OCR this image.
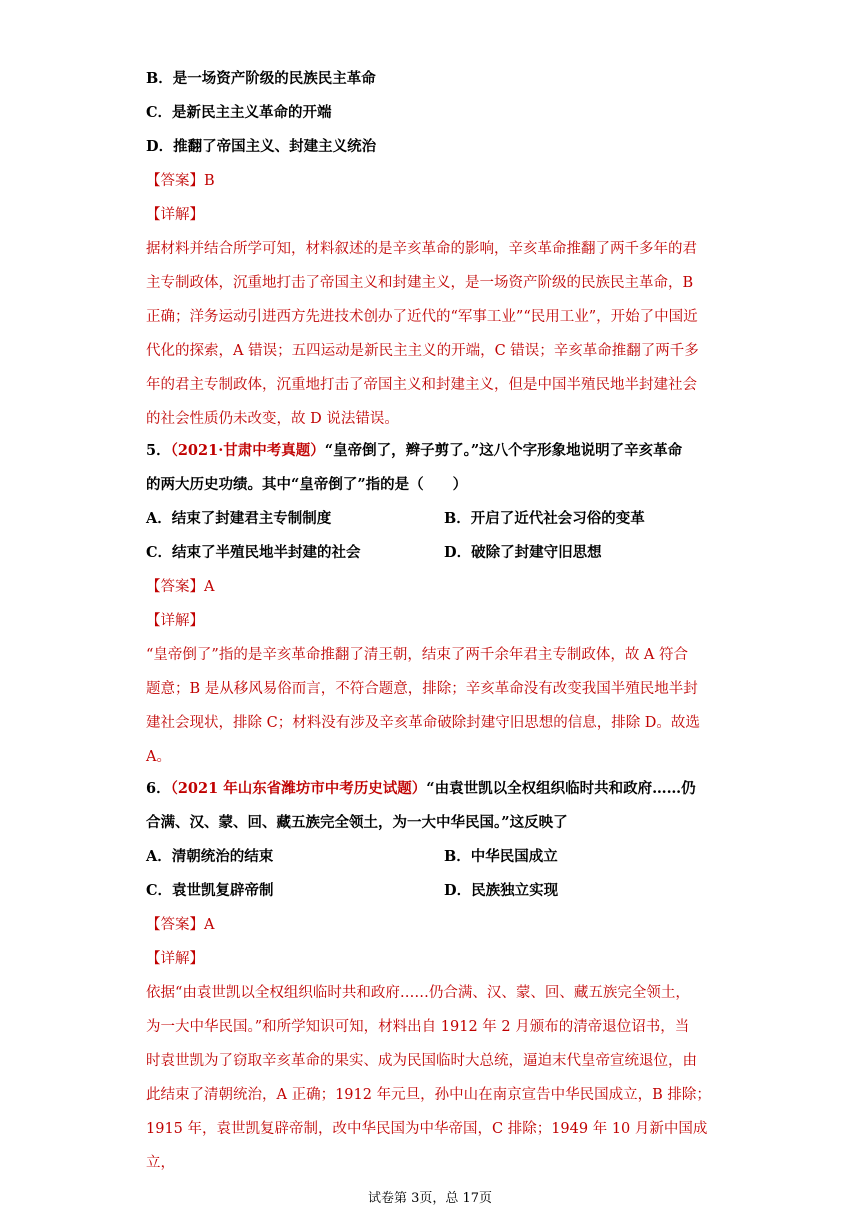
B．是一场资产阶级的民族民主革命
C．是新民主主义革命的开端
D．推翻了帝国主义、封建主义统治
【答案】B
【详解】
据材料并结合所学可知，材料叙述的是辛亥革命的影响，辛亥革命推翻了两千多年的君
主专制政体，沉重地打击了帝国主义和封建主义，是一场资产阶级的民族民主革命，B
正确；洋务运动引进西方先进技术创办了近代的“军事工业”“民用工业”，开始了中国近
代化的探索，A 错误；五四运动是新民主主义的开端，C 错误；辛亥革命推翻了两千多
年的君主专制政体，沉重地打击了帝国主义和封建主义，但是中国半殖民地半封建社会
的社会性质仍未改变，故 D 说法错误。
5．（2021·甘肃中考真题）“皇帝倒了，辫子剪了。”这八个字形象地说明了辛亥革命
的两大历史功绩。其中“皇帝倒了”指的是（　　）
A．结束了封建君主专制制度	B．开启了近代社会习俗的变革
C．结束了半殖民地半封建的社会	D．破除了封建守旧思想
【答案】A
【详解】
“皇帝倒了”指的是辛亥革命推翻了清王朝，结束了两千余年君主专制政体，故 A 符合
题意；B 是从移风易俗而言，不符合题意，排除；辛亥革命没有改变我国半殖民地半封
建社会现状，排除 C；材料没有涉及辛亥革命破除封建守旧思想的信息，排除 D。故选
A。
6．（2021 年山东省潍坊市中考历史试题）“由袁世凯以全权组织临时共和政府……仍
合满、汉、蒙、回、藏五族完全领土，为一大中华民国。”这反映了
A．清朝统治的结束	B．中华民国成立
C．袁世凯复辟帝制	D．民族独立实现
【答案】A
【详解】
依据“由袁世凯以全权组织临时共和政府……仍合满、汉、蒙、回、藏五族完全领土，
为一大中华民国。”和所学知识可知，材料出自 1912 年 2 月颁布的清帝退位诏书，当
时袁世凯为了窃取辛亥革命的果实、成为民国临时大总统，逼迫末代皇帝宣统退位，由
此结束了清朝统治，A 正确；1912 年元旦，孙中山在南京宣告中华民国成立，B 排除；
1915 年，袁世凯复辟帝制，改中华民国为中华帝国，C 排除；1949 年 10 月新中国成立，
试卷第 3页，总 17页
